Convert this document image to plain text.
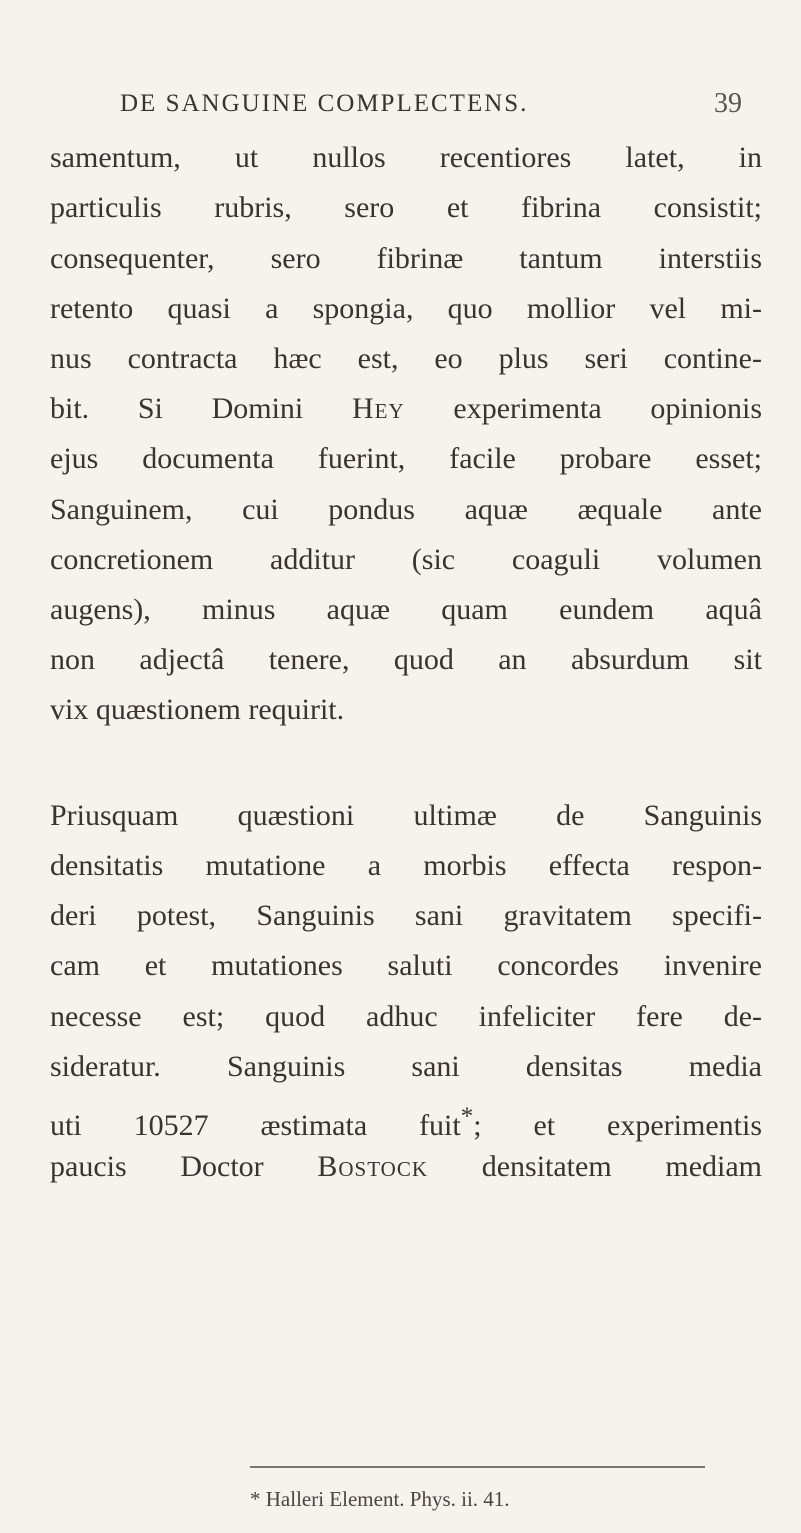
DE SANGUINE COMPLECTENS.	39
samentum, ut nullos recentiores latet, in
particulis rubris, sero et fibrina consistit;
consequenter, sero fibrinæ tantum interstiis
retento quasi a spongia, quo mollior vel mi-
nus contracta hæc est, eo plus seri contine-
bit. Si Domini Hey experimenta opinionis
ejus documenta fuerint, facile probare esset;
Sanguinem, cui pondus aquæ æquale ante
concretionem additur (sic coaguli volumen
augens), minus aquæ quam eundem aquâ
non adjectâ tenere, quod an absurdum sit
vix quæstionem requirit.
Priusquam quæstioni ultimæ de Sanguinis
densitatis mutatione a morbis effecta respon-
deri potest, Sanguinis sani gravitatem specifi-
cam et mutationes saluti concordes invenire
necesse est; quod adhuc infeliciter fere de-
sideratur. Sanguinis sani densitas media
uti 10527 æstimata fuit*; et experimentis
paucis Doctor Bostock densitatem mediam
* Halleri Element. Phys. ii. 41.
